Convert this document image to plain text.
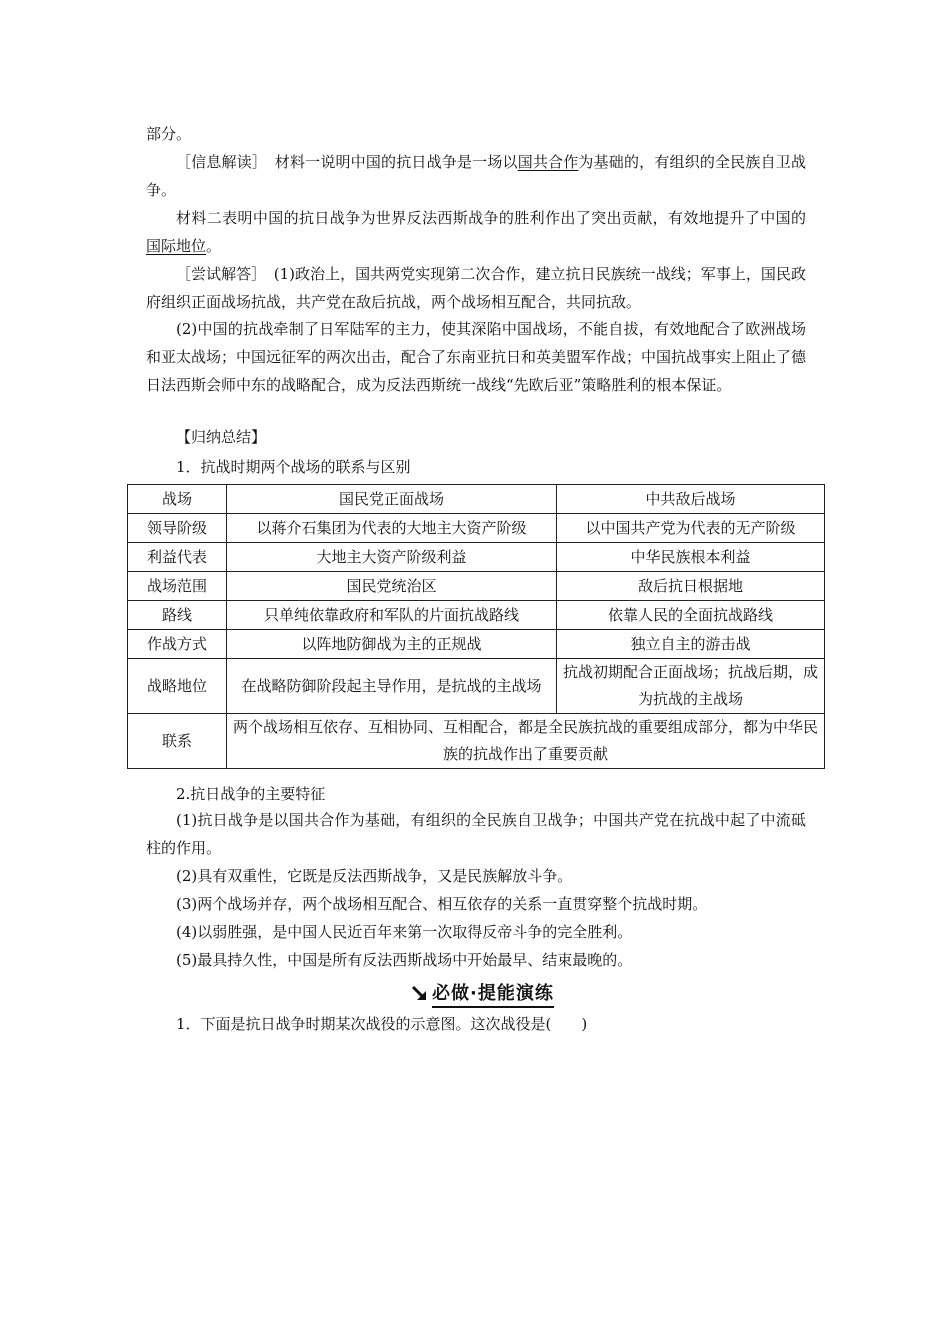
部分。

［信息解读］　 材料一说明中国的抗日战争是一场以国共合作为基础的，有组织的全民族自卫战争。

材料二表明中国的抗日战争为世界反法西斯战争的胜利作出了突出贡献，有效地提升了中国的国际地位。

［尝试解答］　 (1)政治上，国共两党实现第二次合作，建立抗日民族统一战线；军事上，国民政府组织正面战场抗战，共产党在敌后抗战，两个战场相互配合，共同抗敌。

(2)中国的抗战牵制了日军陆军的主力，使其深陷中国战场，不能自拔，有效地配合了欧洲战场和亚太战场；中国远征军的两次出击，配合了东南亚抗日和英美盟军作战；中国抗战事实上阻止了德日法西斯会师中东的战略配合，成为反法西斯统一战线“先欧后亚”策略胜利的根本保证。

【归纳总结】
1．抗战时期两个战场的联系与区别
战场	国民党正面战场	中共敌后战场
领导阶级	以蒋介石集团为代表的大地主大资产阶级	以中国共产党为代表的无产阶级
利益代表	大地主大资产阶级利益	中华民族根本利益
战场范围	国民党统治区	敌后抗日根据地
路线	只单纯依靠政府和军队的片面抗战路线	依靠人民的全面抗战路线
作战方式	以阵地防御战为主的正规战	独立自主的游击战
战略地位	在战略防御阶段起主导作用，是抗战的主战场	抗战初期配合正面战场；抗战后期，成为抗战的主战场
联系	两个战场相互依存、互相协同、互相配合，都是全民族抗战的重要组成部分，都为中华民族的抗战作出了重要贡献	
2.抗日战争的主要特征

(1)抗日战争是以国共合作为基础，有组织的全民族自卫战争；中国共产党在抗战中起了中流砥柱的作用。

(2)具有双重性，它既是反法西斯战争，又是民族解放斗争。

(3)两个战场并存，两个战场相互配合、相互依存的关系一直贯穿整个抗战时期。

(4)以弱胜强，是中国人民近百年来第一次取得反帝斗争的完全胜利。

(5)最具持久性，中国是所有反法西斯战场中开始最早、结束最晚的。

必做·提能演练
1．下面是抗日战争时期某次战役的示意图。这次战役是(　　)
